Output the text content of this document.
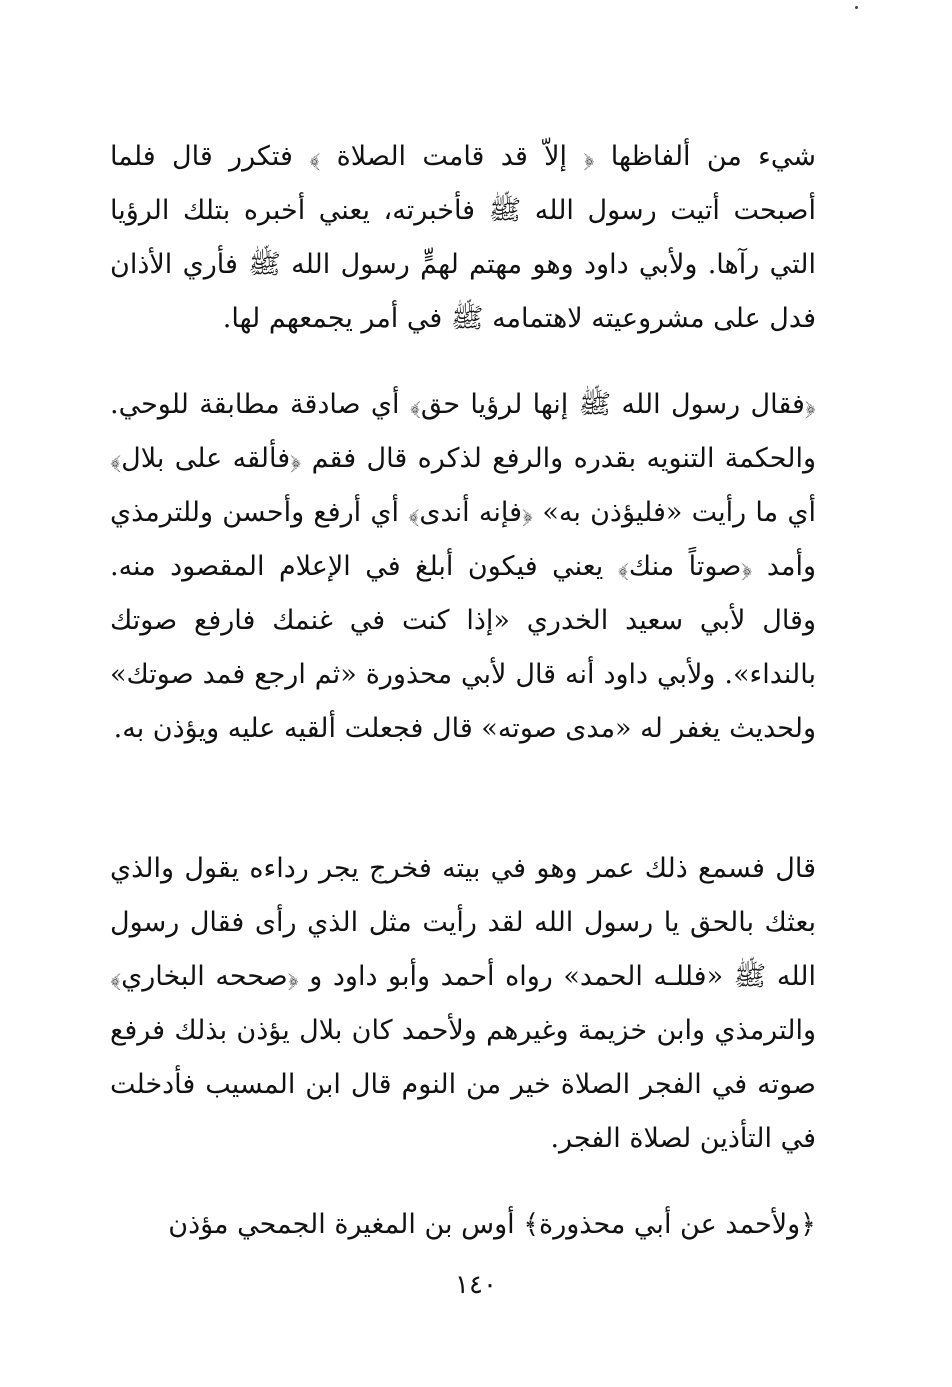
شيء من ألفاظها ﴿ إلاّ قد قامت الصلاة ﴾ فتكرر قال فلما أصبحت أتيت رسول الله ﷺ فأخبرته، يعني أخبره بتلك الرؤيا التي رآها. ولأبي داود وهو مهتم لهمٍّ رسول الله ﷺ فأري الأذان فدل على مشروعيته لاهتمامه ﷺ في أمر يجمعهم لها.

﴿فقال رسول الله ﷺ إنها لرؤيا حق﴾ أي صادقة مطابقة للوحي. والحكمة التنويه بقدره والرفع لذكره قال فقم ﴿فألقه على بلال﴾ أي ما رأيت «فليؤذن به» ﴿فإنه أندى﴾ أي أرفع وأحسن وللترمذي وأمد ﴿صوتاً منك﴾ يعني فيكون أبلغ في الإعلام المقصود منه. وقال لأبي سعيد الخدري «إذا كنت في غنمك فارفع صوتك بالنداء». ولأبي داود أنه قال لأبي محذورة «ثم ارجع فمد صوتك» ولحديث يغفر له «مدى صوته» قال فجعلت ألقيه عليه ويؤذن به.

قال فسمع ذلك عمر وهو في بيته فخرج يجر رداءه يقول والذي بعثك بالحق يا رسول الله لقد رأيت مثل الذي رأى فقال رسول الله ﷺ «فللـه الحمد» رواه أحمد وأبو داود و ﴿صححه البخاري﴾ والترمذي وابن خزيمة وغيرهم ولأحمد كان بلال يؤذن بذلك فرفع صوته في الفجر الصلاة خير من النوم قال ابن المسيب فأدخلت في التأذين لصلاة الفجر.

﴿ولأحمد عن أبي محذورة﴾ أوس بن المغيرة الجمحي مؤذن

١٤٠
